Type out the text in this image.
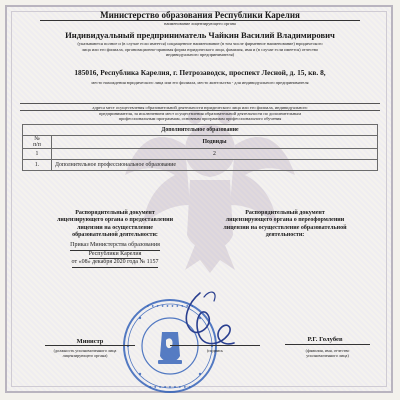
Министерство образования Республики Карелия
наименование лицензирующего органа
Индивидуальный предприниматель Чайкин Василий Владимирович
(указываются полное и (в случае если имеется) сокращенное наименование (в том числе фирменное наименование) юридического
лица или его филиала, организационно-правовая форма юридического лица, фамилия, имя и (в случае если имеется) отчество
индивидуального предпринимателя)
185016, Республика Карелия, г. Петрозаводск, проспект Лесной, д. 15, кв. 8,
место нахождения юридического лица или его филиала, место жительства - для индивидуального предпринимателя
адреса мест осуществления образовательной деятельности юридического лица или его филиала, индивидуального
предпринимателя, за исключением мест осуществления образовательной деятельности по дополнительным
профессиональным программам, основным программам профессионального обучения
Дополнительное образование	

№
п/п	Подвиды
1	2
1.	Дополнительное профессиональное образование
Распорядительный документ
лицензирующего органа о предоставлении
лицензии на осуществление
образовательной деятельности:
Приказ Министерства образования
Республики Карелия
от «08» декабря 2020 года № 1157
Распорядительный документ
лицензирующего органа о переоформлении
лицензии на осуществление образовательной
деятельности:
• • • • • • • • • •
• • • • • • • • •
Министр
(должность уполномоченного лица
лицензирующего органа)
(подпись
Р.Г. Голубев
(фамилия, имя, отчество
уполномоченного лица)
